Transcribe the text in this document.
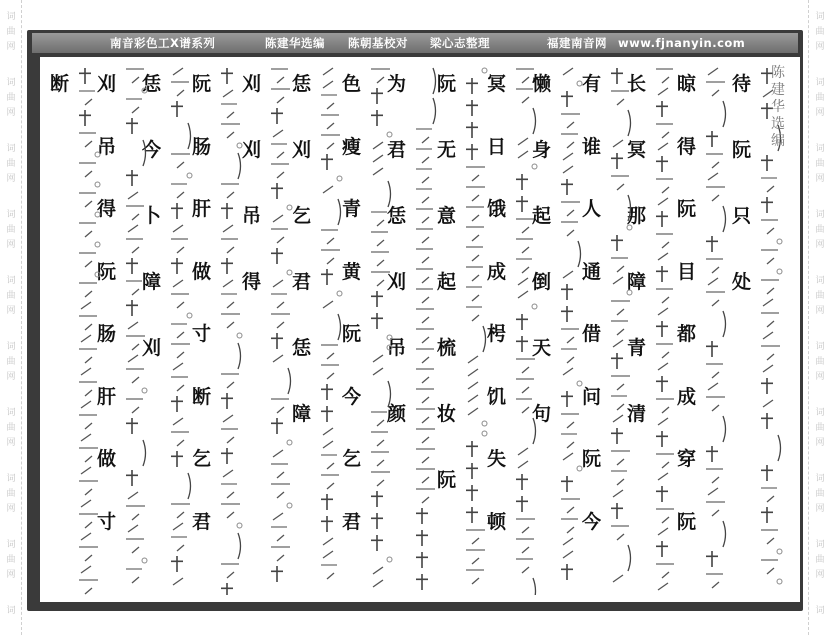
词
曲
网
词
曲
网
词
曲
网
词
曲
网
词
曲
网
词
曲
网
词
曲
网
词
曲
网
词
曲
网
词
词
曲
网
词
曲
网
词
曲
网
词
曲
网
词
曲
网
词
曲
网
词
曲
网
词
曲
网
词
曲
网
词
南音彩色工X谱系列	陈建华选编 陈朝基校对 梁心志整理	福建南音网 www.fjnanyin.com
待
阮
只
处
晾
得
阮
目
都
成
穿
阮
长
冥
那
障
青
清
有
谁
人
通
借
问
阮
今
懒
身
起
倒
天
句
冥
日
饿
成
枵
饥
失
顿
阮
无
意
起
梳
妆
阮
为
君
恁
刈
吊
颜
色
瘦
青
黄
阮
今
乞
君
恁
刈
乞
君
恁
障
刈
刈
吊
得
阮
肠
肝
做
寸
断
乞
君
恁
今
卜
障
刈
刈
吊
得
阮
肠
肝
做
寸
断	陈
建
华
选
编
